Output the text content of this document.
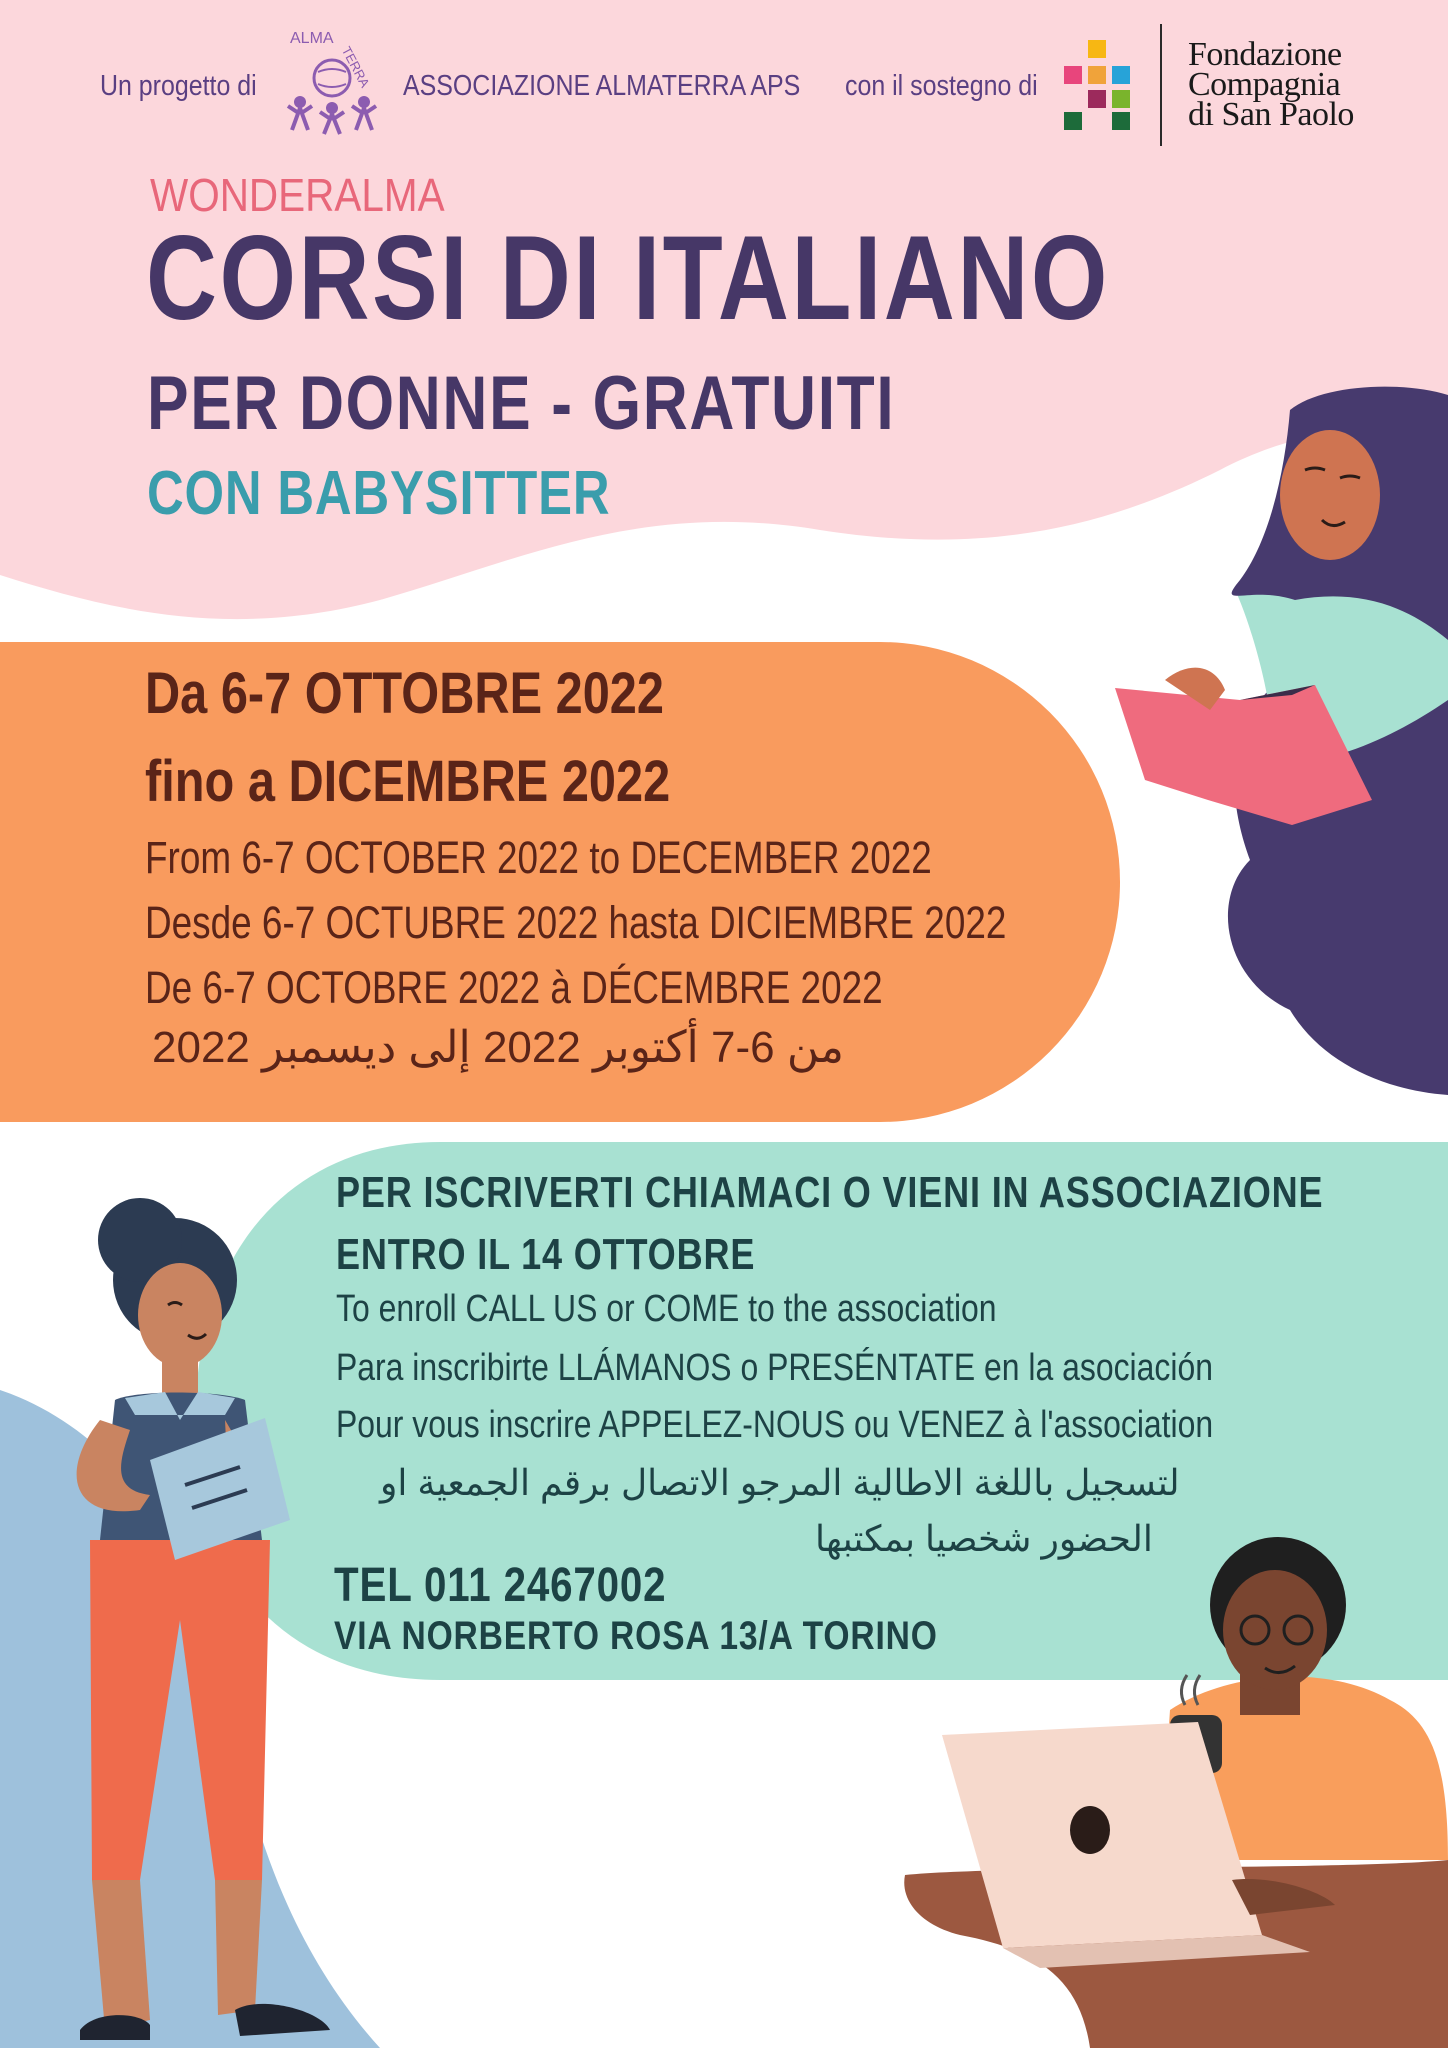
Un progetto di
ALMA
TERRA ASSOCIAZIONE ALMATERRA APS con il sostegno di
Fondazione
Compagnia
di San Paolo
WONDERALMA
CORSI DI ITALIANO
PER DONNE - GRATUITI
CON BABYSITTER
Da 6-7 OTTOBRE 2022
fino a DICEMBRE 2022
From 6-7 OCTOBER 2022 to DECEMBER 2022
Desde 6-7 OCTUBRE 2022 hasta DICIEMBRE 2022
De 6-7 OCTOBRE 2022 à DÉCEMBRE 2022
من 6-7 أكتوبر 2022 إلى ديسمبر 2022
PER ISCRIVERTI CHIAMACI O VIENI IN ASSOCIAZIONE
ENTRO IL 14 OTTOBRE
To enroll CALL US or COME to the association
Para inscribirte LLÁMANOS o PRESÉNTATE en la asociación
Pour vous inscrire APPELEZ-NOUS ou VENEZ à l'association
لتسجيل باللغة الاطالية المرجو الاتصال برقم الجمعية او
الحضور شخصيا بمكتبها
TEL 011 2467002
VIA NORBERTO ROSA 13/A TORINO
